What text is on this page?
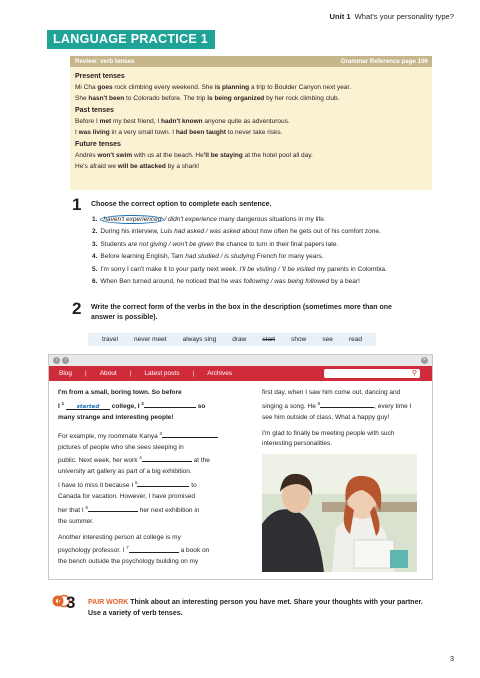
Unit 1 What's your personality type?
LANGUAGE PRACTICE 1
Review: verb tenses	Grammar Reference page 106
Present tenses
Mi Cha goes rock climbing every weekend. She is planning a trip to Boulder Canyon next year.
She hasn't been to Colorado before. The trip is being organized by her rock climbing club.
Past tenses
Before I met my best friend, I hadn't known anyone quite as adventurous.
I was living in a very small town. I had been taught to never take risks.
Future tenses
Andrés won't swim with us at the beach. He'll be staying at the hotel pool all day.
He's afraid we will be attacked by a shark!
1 Choose the correct option to complete each sentence.
1. haven't experienced / didn't experience many dangerous situations in my life.
2. During his interview, Luis had asked / was asked about how often he gets out of his comfort zone.
3. Students are not giving / won't be given the chance to turn in their final papers late.
4. Before learning English, Tam had studied / is studying French for many years.
5. I'm sorry I can't make it to your party next week. I'll be visiting / 'll be visited my parents in Colombia.
6. When Ben turned around, he noticed that he was following / was being followed by a bear!
2 Write the correct form of the verbs in the box in the description (sometimes more than one
answer is possible).
travel never meet always sing draw start show see read
‹	›	×
Blog | About | Latest posts | Archives	⚲

I'm from a small, boring town. So before
I $^1$ started college, I $^2$	so
many strange and interesting people!

For example, my roommate Kanya $^3$
pictures of people who she sees sleeping in
public. Next week, her work $^4$	at the
university art gallery as part of a big exhibition.
I have to miss it because I $^5$	to
Canada for vacation. However, I have promised
her that I $^6$	her next exhibition in
the summer.

Another interesting person at college is my
psychology professor. I $^7$	a book on
the bench outside the psychology building on my

first day, when I saw him come out, dancing and
singing a song. He $^8$	, every time I
see him outside of class. What a happy guy!

I'm glad to finally be meeting people with such
interesting personalities.

3 PAIR WORK Think about an interesting person you have met. Share your thoughts with your partner. Use a variety of verb tenses.
3
